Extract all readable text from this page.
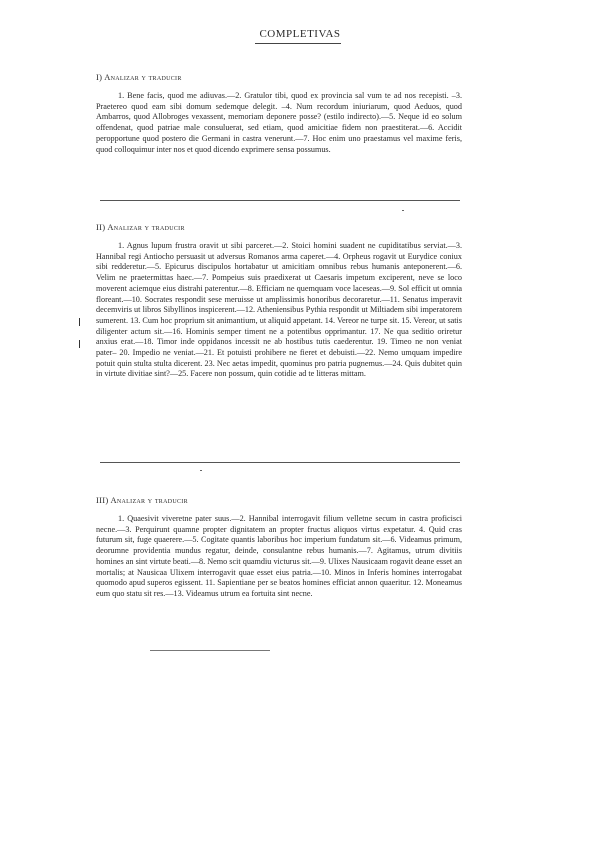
COMPLETIVAS

I) Analizar y traducir

1. Bene facis, quod me adiuvas.—2. Gratulor tibi, quod ex provincia sal vum te ad nos recepisti. –3. Praetereo quod eam sibi domum sedemque delegit. –4. Num recordum iniuriarum, quod Aeduos, quod Ambarros, quod Allobroges vexassent, memoriam deponere posse? (estilo indirecto).—5. Neque id eo solum offendenat, quod patriae male consuluerat, sed etiam, quod amicitiae fidem non praestiterat.—6. Accidit peropportune quod postero die Germani in castra venerunt.—7. Hoc enim uno praestamus vel maxime feris, quod colloquimur inter nos et quod dicendo exprimere sensa possumus.

II) Analizar y traducir

1. Agnus lupum frustra oravit ut sibi parceret.—2. Stoici homini suadent ne cupiditatibus serviat.—3. Hannibal regi Antiocho persuasit ut adversus Romanos arma caperet.—4. Orpheus rogavit ut Eurydice coniux sibi redderetur.—5. Epicurus discipulos hortabatur ut amicitiam omnibus rebus humanis anteponerent.—6. Velim ne praetermittas haec.—7. Pompeius suis praedixerat ut Caesaris impetum exciperent, neve se loco moverent aciemque eius distrahi paterentur.—8. Efficiam ne quemquam voce laceseas.—9. Sol efficit ut omnia floreant.—10. Socrates respondit sese meruisse ut amplissimis honoribus decoraretur.—11. Senatus imperavit decemviris ut libros Sibyllinos inspicerent.—12. Atheniensibus Pythia respondit ut Miltiadem sibi imperatorem sumerent. 13. Cum hoc proprium sit animantium, ut aliquid appetant. 14. Vereor ne turpe sit. 15. Vereor, ut satis diligenter actum sit.—16. Hominis semper timent ne a potentibus opprimantur. 17. Ne qua seditio oriretur anxius erat.—18. Timor inde oppidanos incessit ne ab hostibus tutis caederentur. 19. Timeo ne non veniat pater– 20. Impedio ne veniat.—21. Et potuisti prohibere ne fieret et debuisti.—22. Nemo umquam impedire potuit quin stulta stulta dicerent. 23. Nec aetas impedit, quominus pro patria pugnemus.—24. Quis dubitet quin in virtute divitiae sint?—25. Facere non possum, quin cotidie ad te litteras mittam.

III) Analizar y traducir

1. Quaesivit viveretne pater suus.—2. Hannibal interrogavit filium velletne secum in castra proficisci necne.—3. Perquirunt quamne propter dignitatem an propter fructus aliquos virtus expetatur. 4. Quid cras futurum sit, fuge quaerere.—5. Cogitate quantis laboribus hoc imperium fundatum sit.—6. Videamus primum, deorumne providentia mundus regatur, deinde, consulantne rebus humanis.—7. Agitamus, utrum divitiis homines an sint virtute beati.—8. Nemo scit quamdiu victurus sit.—9. Ulixes Nausicaam rogavit deane esset an mortalis; at Nausicaa Ulixem interrogavit quae esset eius patria.—10. Minos in Inferis homines interrogabat quomodo apud superos egissent. 11. Sapientiane per se beatos homines efficiat annon quaeritur. 12. Moneamus eum quo statu sit res.—13. Videamus utrum ea fortuita sint necne.
